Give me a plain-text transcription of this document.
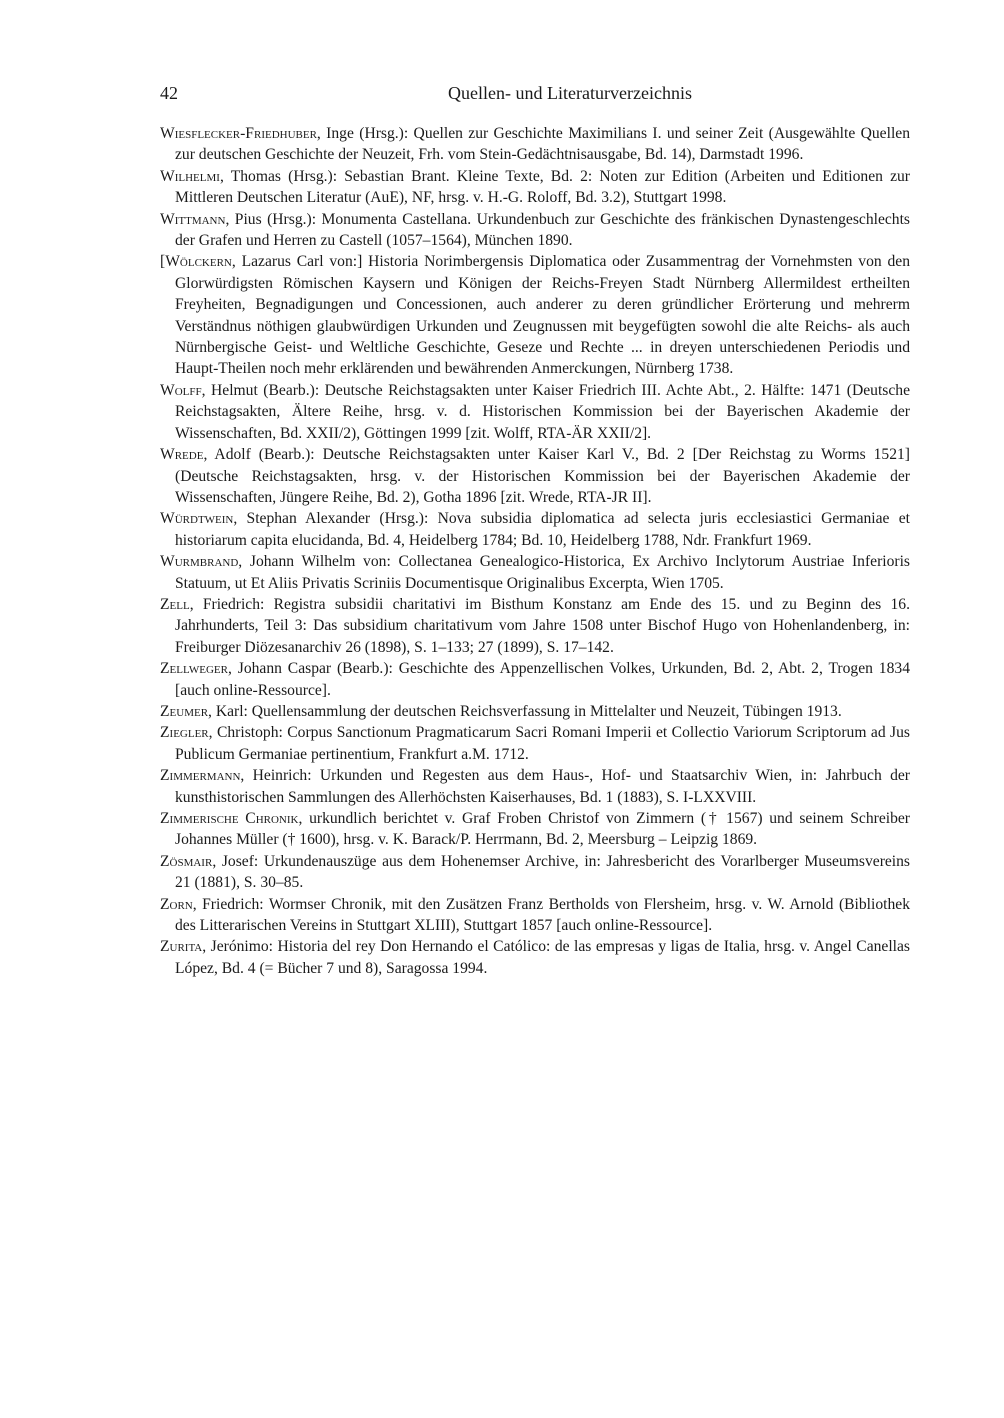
42	Quellen- und Literaturverzeichnis

Wiesflecker-Friedhuber, Inge (Hrsg.): Quellen zur Geschichte Maximilians I. und seiner Zeit (Ausgewählte Quellen zur deutschen Geschichte der Neuzeit, Frh. vom Stein-Gedächtnisausgabe, Bd. 14), Darmstadt 1996.

Wilhelmi, Thomas (Hrsg.): Sebastian Brant. Kleine Texte, Bd. 2: Noten zur Edition (Arbeiten und Editionen zur Mittleren Deutschen Literatur (AuE), NF, hrsg. v. H.-G. Roloff, Bd. 3.2), Stuttgart 1998.

Wittmann, Pius (Hrsg.): Monumenta Castellana. Urkundenbuch zur Geschichte des fränkischen Dynastengeschlechts der Grafen und Herren zu Castell (1057–1564), München 1890.

[Wölckern, Lazarus Carl von:] Historia Norimbergensis Diplomatica oder Zusammentrag der Vornehmsten von den Glorwürdigsten Römischen Kaysern und Königen der Reichs-Freyen Stadt Nürnberg Allermildest ertheilten Freyheiten, Begnadigungen und Concessionen, auch anderer zu deren gründlicher Erörterung und mehrerm Verständnus nöthigen glaubwürdigen Urkunden und Zeugnussen mit beygefügten sowohl die alte Reichs- als auch Nürnbergische Geist- und Weltliche Geschichte, Geseze und Rechte ... in dreyen unterschiedenen Periodis und Haupt-Theilen noch mehr erklärenden und bewährenden Anmerckungen, Nürnberg 1738.

Wolff, Helmut (Bearb.): Deutsche Reichstagsakten unter Kaiser Friedrich III. Achte Abt., 2. Hälfte: 1471 (Deutsche Reichstagsakten, Ältere Reihe, hrsg. v. d. Historischen Kommission bei der Bayerischen Akademie der Wissenschaften, Bd. XXII/2), Göttingen 1999 [zit. Wolff, RTA-ÄR XXII/2].

Wrede, Adolf (Bearb.): Deutsche Reichstagsakten unter Kaiser Karl V., Bd. 2 [Der Reichstag zu Worms 1521] (Deutsche Reichstagsakten, hrsg. v. der Historischen Kommission bei der Bayerischen Akademie der Wissenschaften, Jüngere Reihe, Bd. 2), Gotha 1896 [zit. Wrede, RTA-JR II].

Würdtwein, Stephan Alexander (Hrsg.): Nova subsidia diplomatica ad selecta juris ecclesiastici Germaniae et historiarum capita elucidanda, Bd. 4, Heidelberg 1784; Bd. 10, Heidelberg 1788, Ndr. Frankfurt 1969.

Wurmbrand, Johann Wilhelm von: Collectanea Genealogico-Historica, Ex Archivo Inclytorum Austriae Inferioris Statuum, ut Et Aliis Privatis Scriniis Documentisque Originalibus Excerpta, Wien 1705.

Zell, Friedrich: Registra subsidii charitativi im Bisthum Konstanz am Ende des 15. und zu Beginn des 16. Jahrhunderts, Teil 3: Das subsidium charitativum vom Jahre 1508 unter Bischof Hugo von Hohenlandenberg, in: Freiburger Diözesanarchiv 26 (1898), S. 1–133; 27 (1899), S. 17–142.

Zellweger, Johann Caspar (Bearb.): Geschichte des Appenzellischen Volkes, Urkunden, Bd. 2, Abt. 2, Trogen 1834 [auch online-Ressource].

Zeumer, Karl: Quellensammlung der deutschen Reichsverfassung in Mittelalter und Neuzeit, Tübingen 1913.

Ziegler, Christoph: Corpus Sanctionum Pragmaticarum Sacri Romani Imperii et Collectio Variorum Scriptorum ad Jus Publicum Germaniae pertinentium, Frankfurt a.M. 1712.

Zimmermann, Heinrich: Urkunden und Regesten aus dem Haus-, Hof- und Staatsarchiv Wien, in: Jahrbuch der kunsthistorischen Sammlungen des Allerhöchsten Kaiserhauses, Bd. 1 (1883), S. I-LXXVIII.

Zimmerische Chronik, urkundlich berichtet v. Graf Froben Christof von Zimmern († 1567) und seinem Schreiber Johannes Müller († 1600), hrsg. v. K. Barack/P. Herrmann, Bd. 2, Meersburg – Leipzig 1869.

Zösmair, Josef: Urkundenauszüge aus dem Hohenemser Archive, in: Jahresbericht des Vorarlberger Museumsvereins 21 (1881), S. 30–85.

Zorn, Friedrich: Wormser Chronik, mit den Zusätzen Franz Bertholds von Flersheim, hrsg. v. W. Arnold (Bibliothek des Litterarischen Vereins in Stuttgart XLIII), Stuttgart 1857 [auch online-Ressource].

Zurita, Jerónimo: Historia del rey Don Hernando el Católico: de las empresas y ligas de Italia, hrsg. v. Angel Canellas López, Bd. 4 (= Bücher 7 und 8), Saragossa 1994.
